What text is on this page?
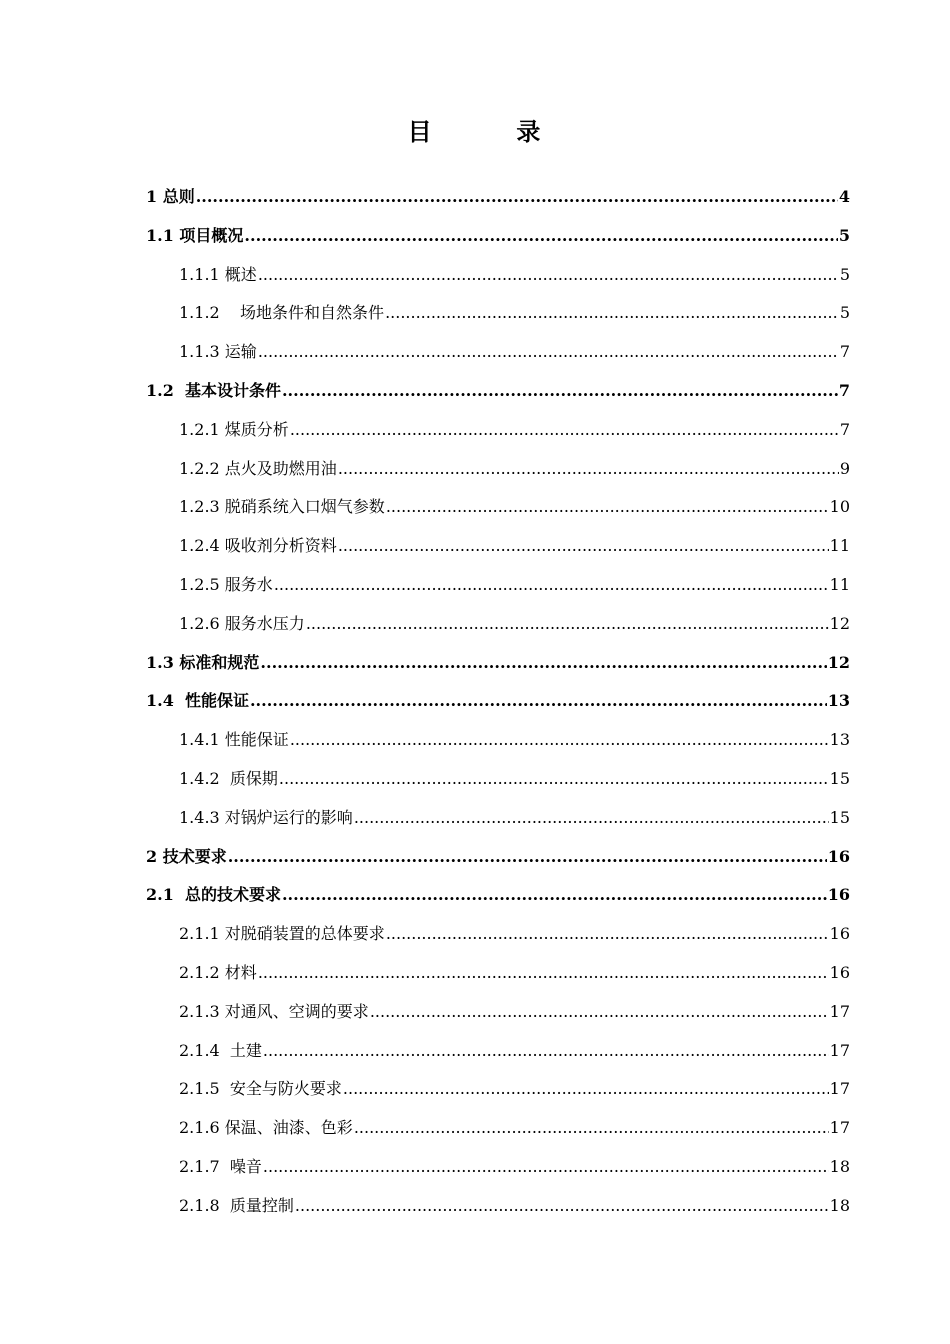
目        录
1 总则 .....	4
1.1 项目概况 .....	5
1.1.1 概述 .....	5
1.1.2    场地条件和自然条件 .....	5
1.1.3 运输 .....	7
1.2  基本设计条件 .....	7
1.2.1 煤质分析 .....	7
1.2.2 点火及助燃用油 .....	9
1.2.3 脱硝系统入口烟气参数 .....	10
1.2.4 吸收剂分析资料 .....	11
1.2.5 服务水 .....	11
1.2.6 服务水压力 .....	12
1.3 标准和规范 .....	12
1.4  性能保证 .....	13
1.4.1 性能保证 .....	13
1.4.2  质保期 .....	15
1.4.3 对锅炉运行的影响 .....	15
2 技术要求 .....	16
2.1  总的技术要求 .....	16
2.1.1 对脱硝装置的总体要求 .....	16
2.1.2 材料 .....	16
2.1.3 对通风、空调的要求 .....	17
2.1.4  土建 .....	17
2.1.5  安全与防火要求 .....	17
2.1.6 保温、油漆、色彩 .....	17
2.1.7  噪音 .....	18
2.1.8  质量控制 .....	18
